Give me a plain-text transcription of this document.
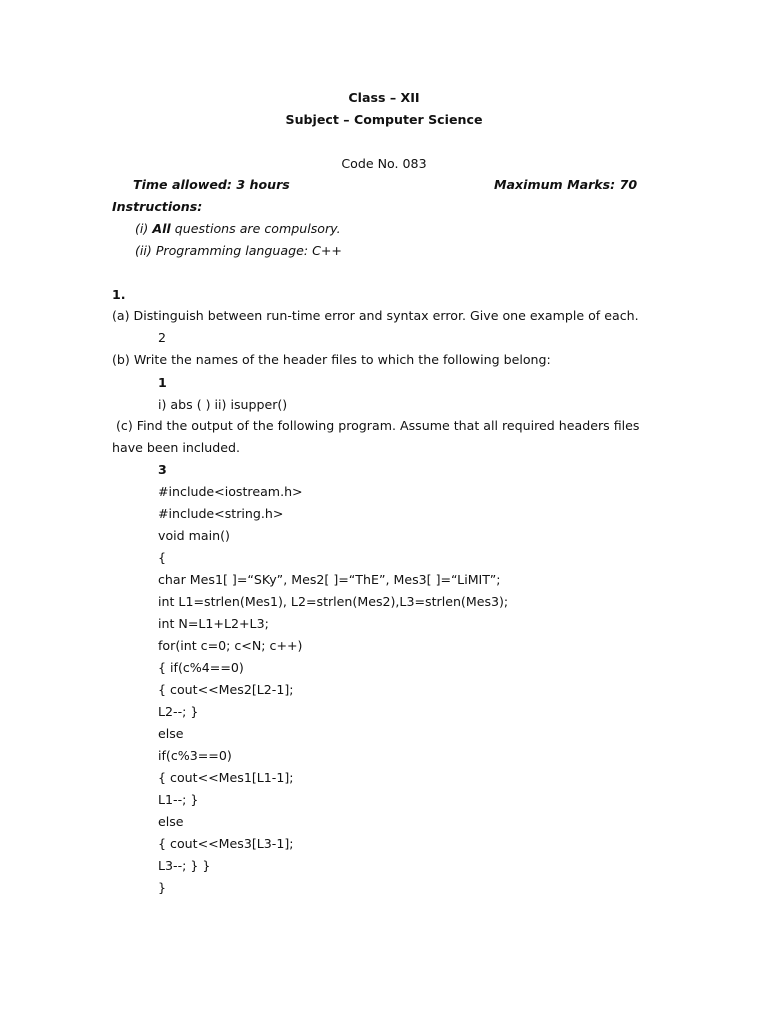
Class – XII
Subject – Computer Science
Code No. 083
Time allowed: 3 hours	Maximum Marks: 70
Instructions:
(i) All questions are compulsory.
(ii) Programming language: C++
1.
(a) Distinguish between run-time error and syntax error. Give one example of each.
2
(b) Write the names of the header files to which the following belong:
1
i) abs ( ) ii) isupper()
(c) Find the output of the following program. Assume that all required headers files
have been included.
3
#include<iostream.h>
#include<string.h>
void main()
{
char Mes1[ ]=“SKy”, Mes2[ ]=“ThE”, Mes3[ ]=“LiMIT”;
int L1=strlen(Mes1), L2=strlen(Mes2),L3=strlen(Mes3);
int N=L1+L2+L3;
for(int c=0; c<N; c++)
{ if(c%4==0)
{ cout<<Mes2[L2-1];
L2--; }
else
if(c%3==0)
{ cout<<Mes1[L1-1];
L1--; }
else
{ cout<<Mes3[L3-1];
L3--; } }
}
